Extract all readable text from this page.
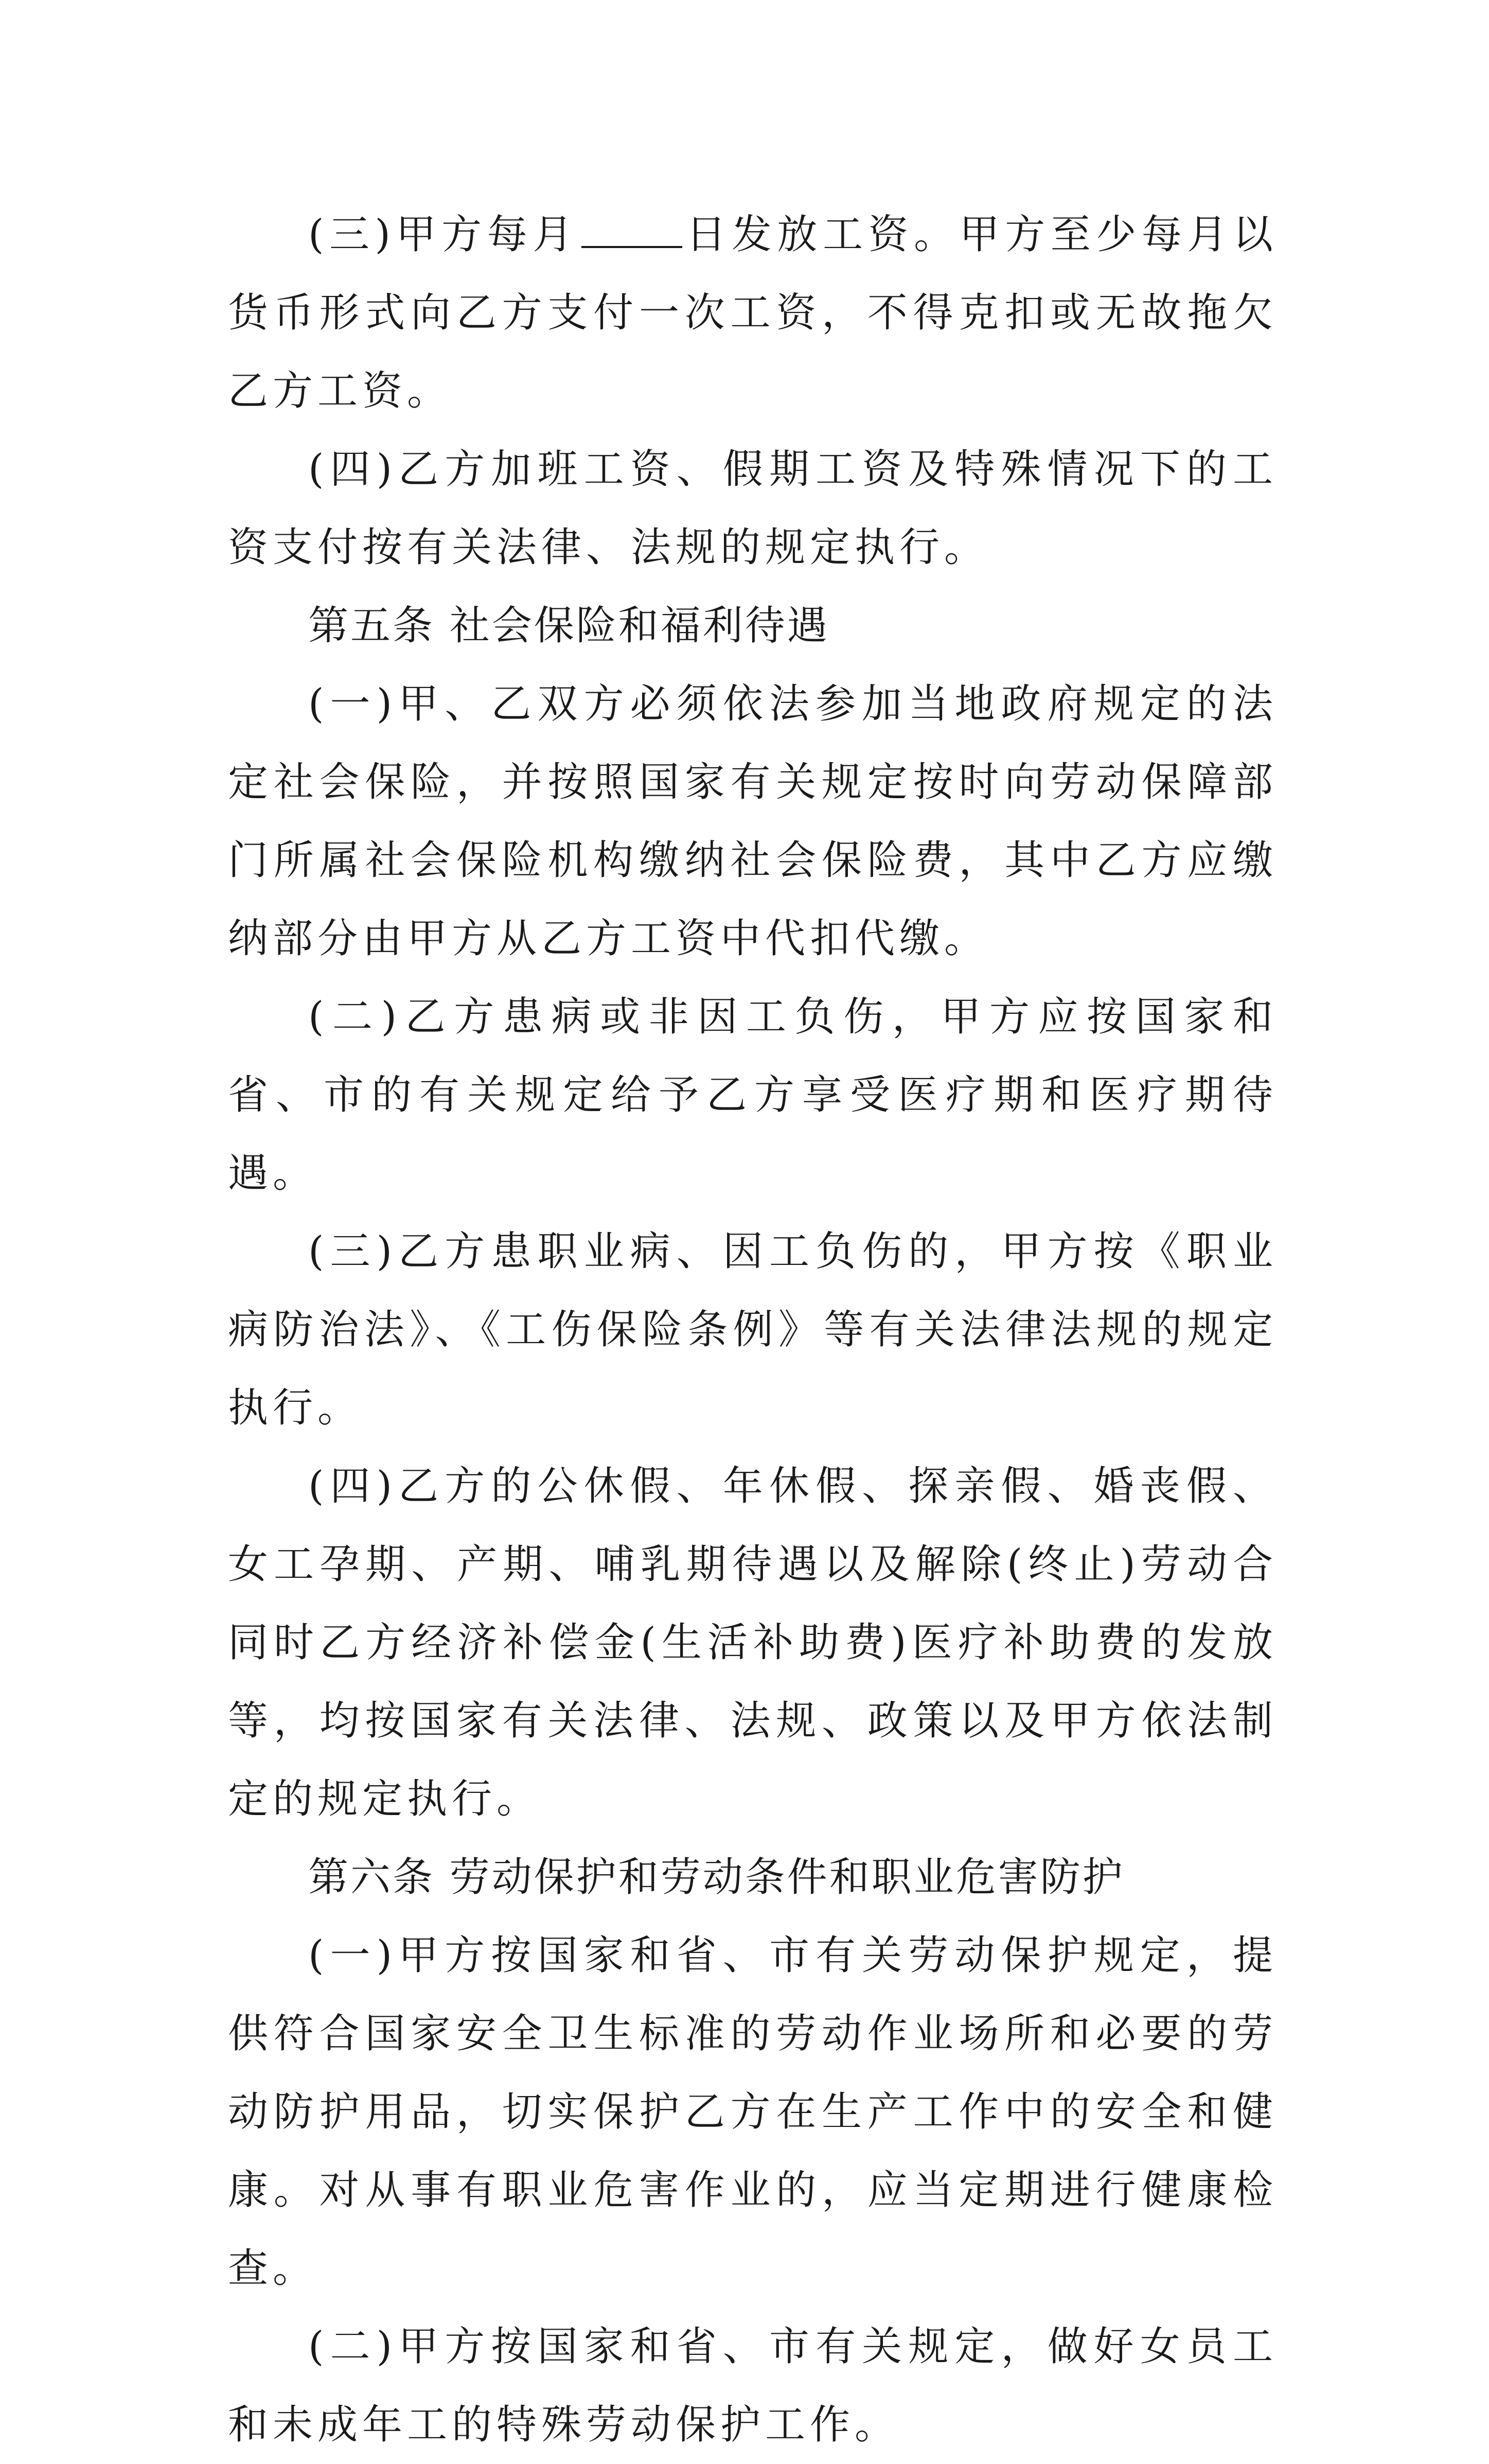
(三)甲方每月	日发放工资。甲方至少每月以货币形式向乙方支付一次工资，不得克扣或无故拖欠乙方工资。

(四)乙方加班工资、假期工资及特殊情况下的工资支付按有关法律、法规的规定执行。

第五条 社会保险和福利待遇

(一)甲、乙双方必须依法参加当地政府规定的法定社会保险，并按照国家有关规定按时向劳动保障部门所属社会保险机构缴纳社会保险费，其中乙方应缴纳部分由甲方从乙方工资中代扣代缴。

(二)乙方患病或非因工负伤，甲方应按国家和省、市的有关规定给予乙方享受医疗期和医疗期待遇。

(三)乙方患职业病、因工负伤的，甲方按《职业病防治法》、《工伤保险条例》等有关法律法规的规定执行。

(四)乙方的公休假、年休假、探亲假、婚丧假、女工孕期、产期、哺乳期待遇以及解除(终止)劳动合同时乙方经济补偿金(生活补助费)医疗补助费的发放等，均按国家有关法律、法规、政策以及甲方依法制定的规定执行。

第六条 劳动保护和劳动条件和职业危害防护

(一)甲方按国家和省、市有关劳动保护规定，提供符合国家安全卫生标准的劳动作业场所和必要的劳动防护用品，切实保护乙方在生产工作中的安全和健康。对从事有职业危害作业的，应当定期进行健康检查。

(二)甲方按国家和省、市有关规定，做好女员工和未成年工的特殊劳动保护工作。
